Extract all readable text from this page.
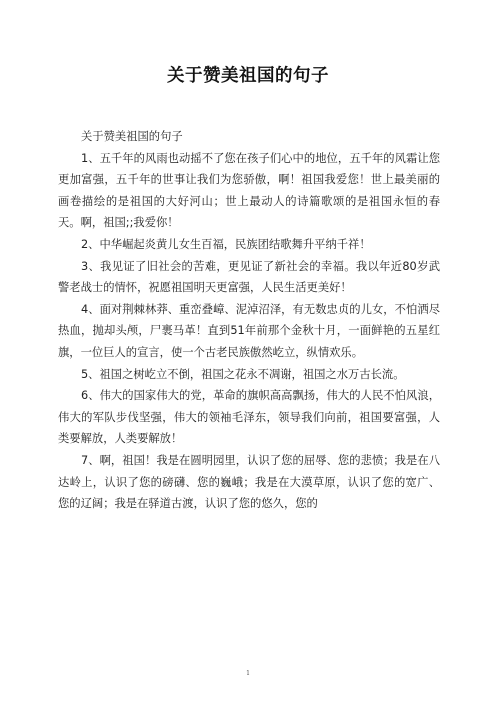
关于赞美祖国的句子

关于赞美祖国的句子

1、五千年的风雨也动摇不了您在孩子们心中的地位，五千年的风霜让您更加富强，五千年的世事让我们为您骄傲，啊！祖国我爱您！世上最美丽的画卷描绘的是祖国的大好河山；世上最动人的诗篇歌颂的是祖国永恒的春天。啊，祖国;;我爱你！

2、中华崛起炎黄儿女生百福，民族团结歌舞升平纳千祥！

3、我见证了旧社会的苦难，更见证了新社会的幸福。我以年近80岁武警老战士的情怀，祝愿祖国明天更富强，人民生活更美好！

4、面对荆棘林莽、重峦叠嶂、泥淖沼泽，有无数忠贞的儿女，不怕洒尽热血，抛却头颅，尸裹马革！直到51年前那个金秋十月，一面鲜艳的五星红旗，一位巨人的宣言，使一个古老民族傲然屹立，纵情欢乐。

5、祖国之树屹立不倒，祖国之花永不凋谢，祖国之水万古长流。

6、伟大的国家伟大的党，革命的旗帜高高飘扬，伟大的人民不怕风浪，伟大的军队步伐坚强，伟大的领袖毛泽东，领导我们向前，祖国要富强，人类要解放，人类要解放！

7、啊，祖国！我是在圆明园里，认识了您的屈辱、您的悲愤；我是在八达岭上，认识了您的磅礴、您的巍峨；我是在大漠草原，认识了您的宽广、您的辽阔；我是在驿道古渡，认识了您的悠久，您的

1
